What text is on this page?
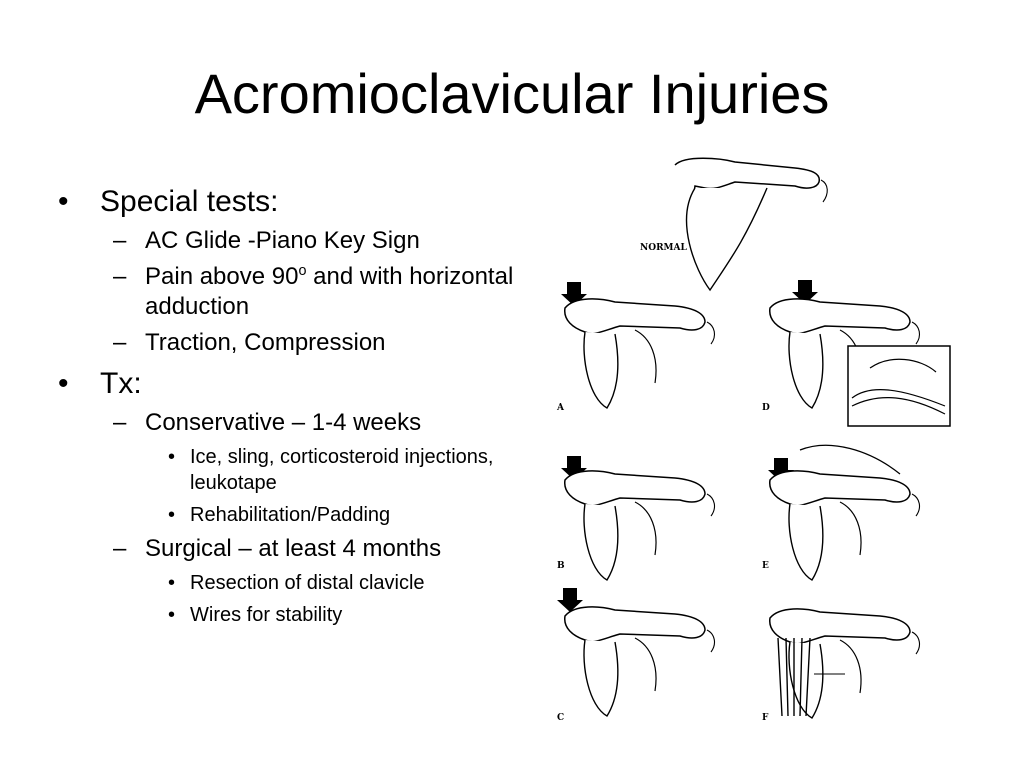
Acromioclavicular Injuries
• Special tests:
– AC Glide -Piano Key Sign
– Pain above 90$^o$ and with horizontal adduction
– Traction, Compression
• Tx:
– Conservative – 1-4 weeks
• Ice, sling, corticosteroid injections, leukotape
• Rehabilitation/Padding
– Surgical – at least 4 months
• Resection of distal clavicle
• Wires for stability
NORMAL
A
B
C
D
E
F
